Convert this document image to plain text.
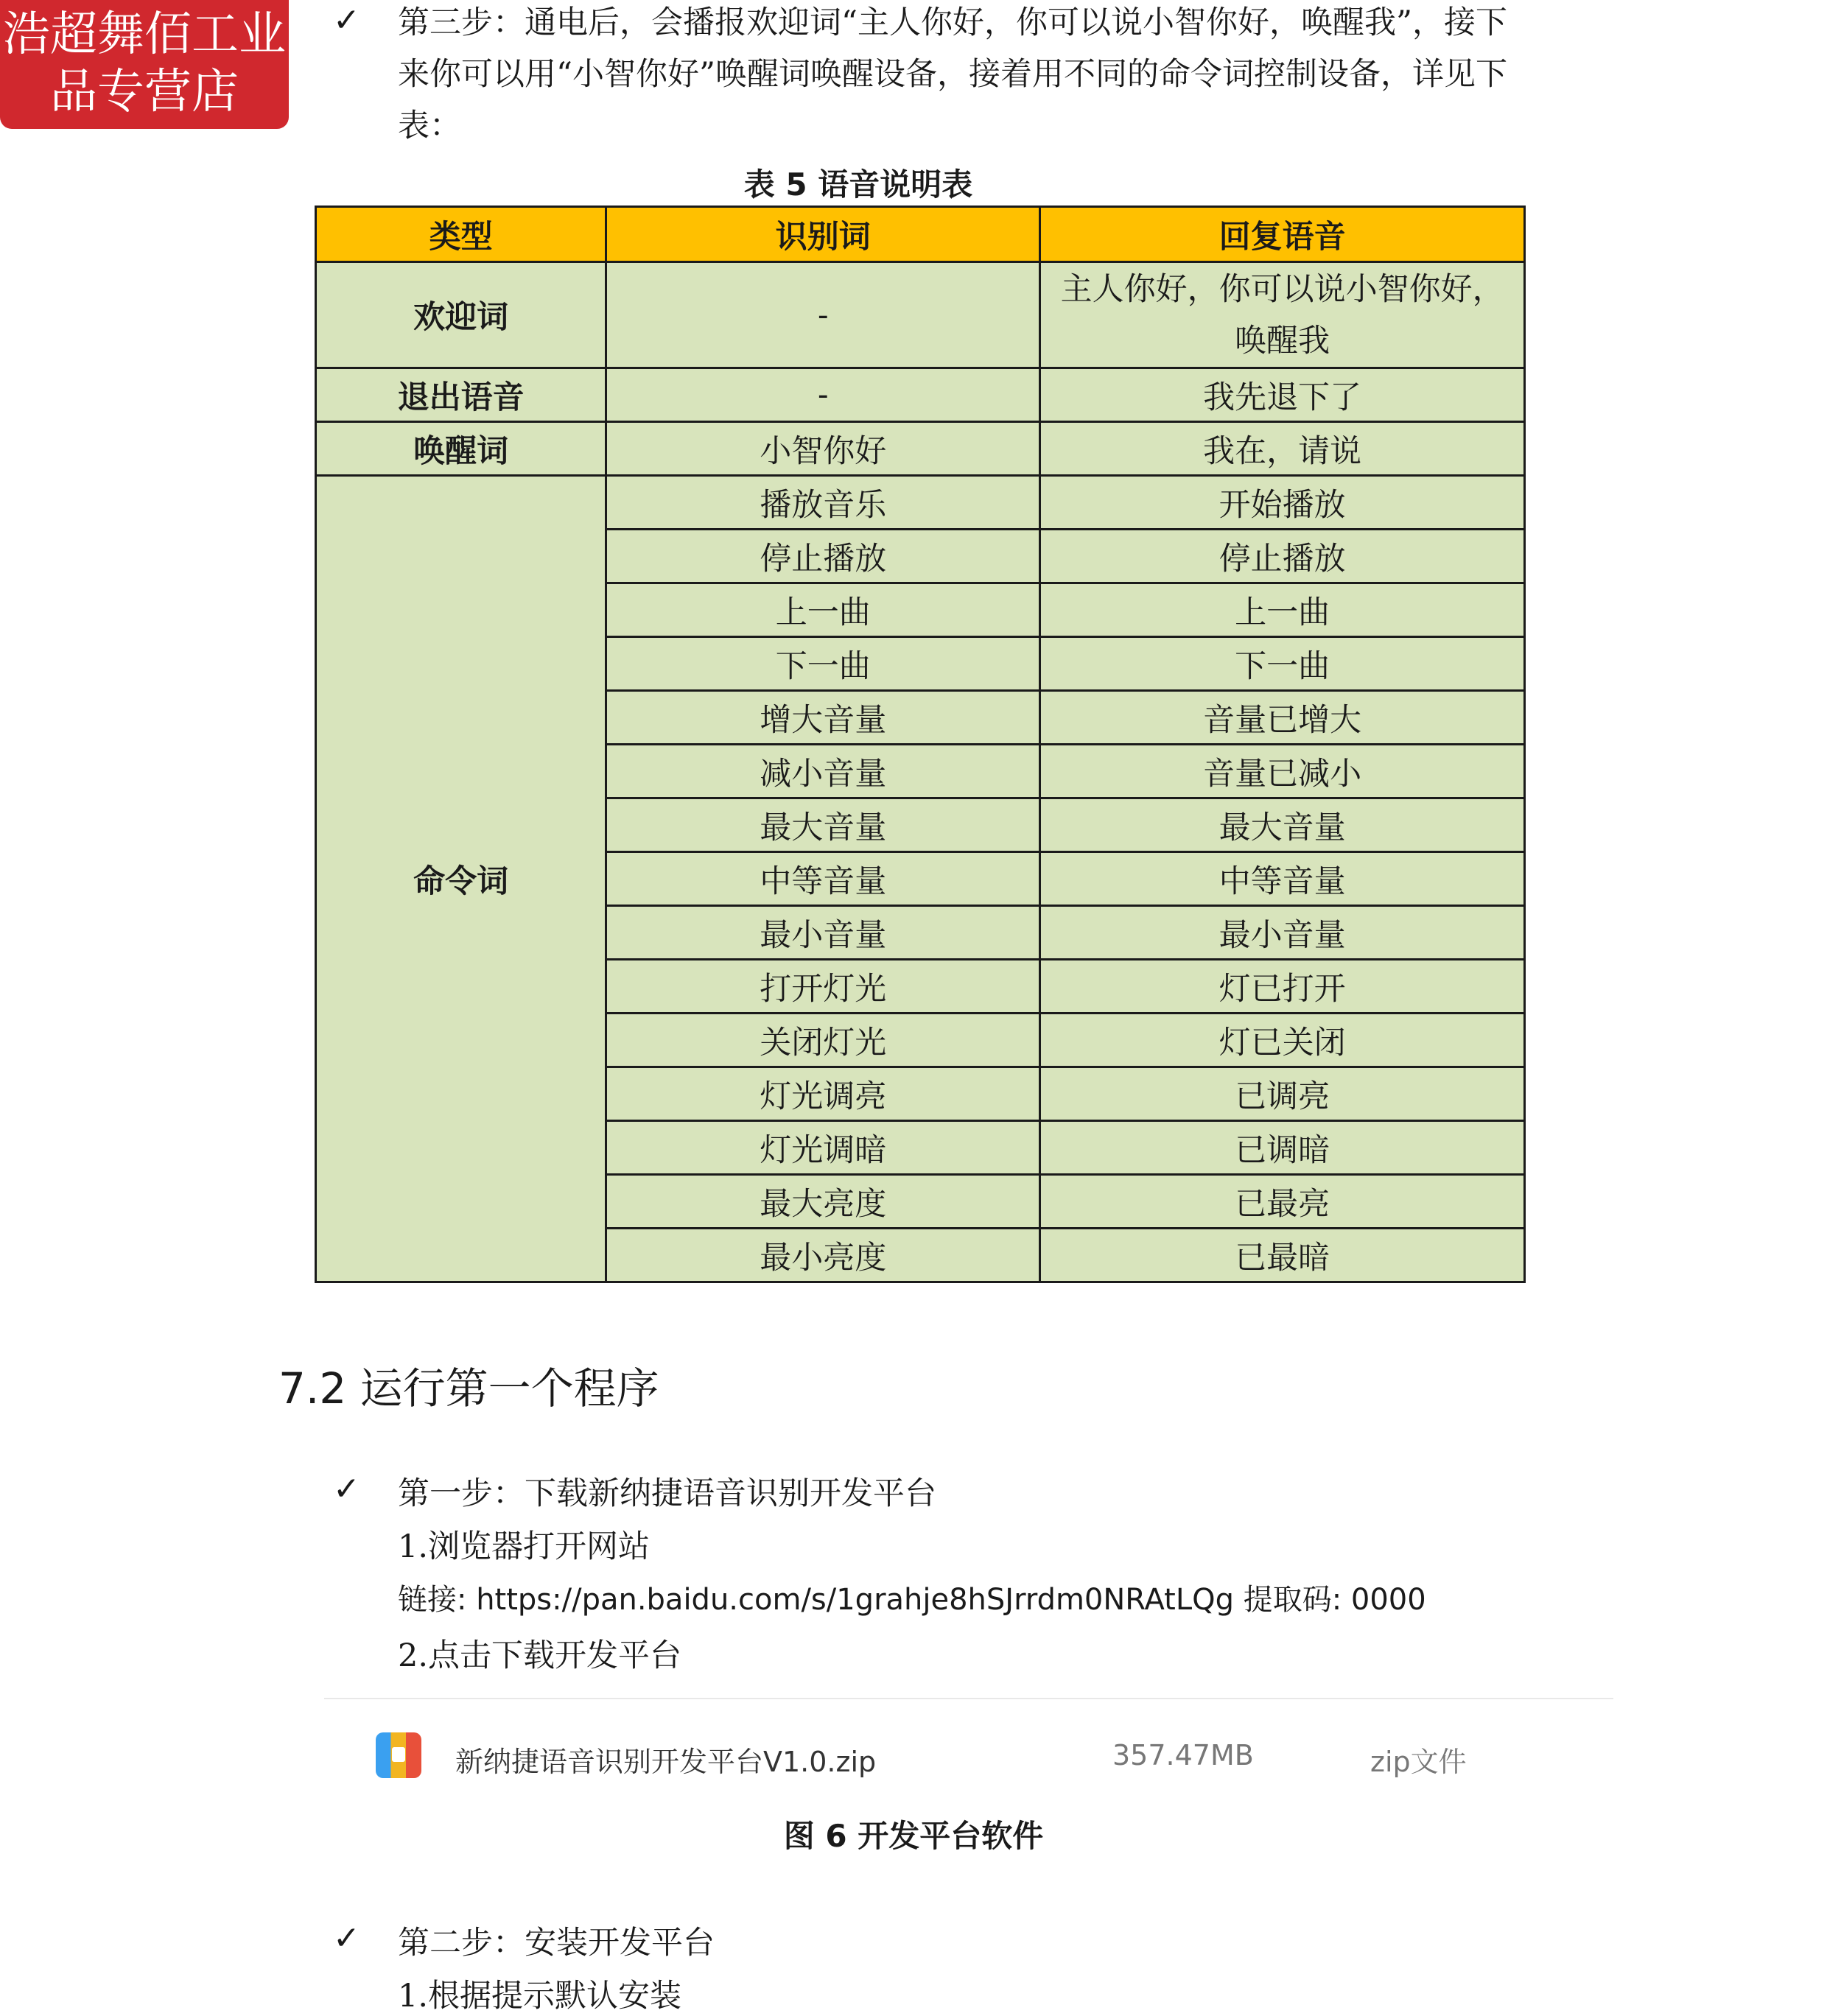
浩超舞佰工业
品专营店
✓ 第三步：通电后，会播报欢迎词“主人你好，你可以说小智你好，唤醒我”，接下
来你可以用“小智你好”唤醒词唤醒设备，接着用不同的命令词控制设备，详见下
表：
表 5 语音说明表
类型	识别词	回复语音
欢迎词	-	主人你好，你可以说小智你好，
唤醒我

退出语音	-	我先退下了
唤醒词	小智你好	我在，请说
命令词	播放音乐	开始播放
	停止播放	停止播放
	上一曲	上一曲
	下一曲	下一曲
	增大音量	音量已增大
	减小音量	音量已减小
	最大音量	最大音量
	中等音量	中等音量
	最小音量	最小音量
	打开灯光	灯已打开
	关闭灯光	灯已关闭
	灯光调亮	已调亮
	灯光调暗	已调暗
	最大亮度	已最亮
	最小亮度	已最暗
7.2 运行第一个程序
✓ 第一步：下载新纳捷语音识别开发平台
1.浏览器打开网站
链接: https://pan.baidu.com/s/1grahje8hSJrrdm0NRAtLQg 提取码: 0000
2.点击下载开发平台
新纳捷语音识别开发平台V1.0.zip	357.47MB	zip文件
图 6 开发平台软件
✓ 第二步：安装开发平台
1.根据提示默认安装
